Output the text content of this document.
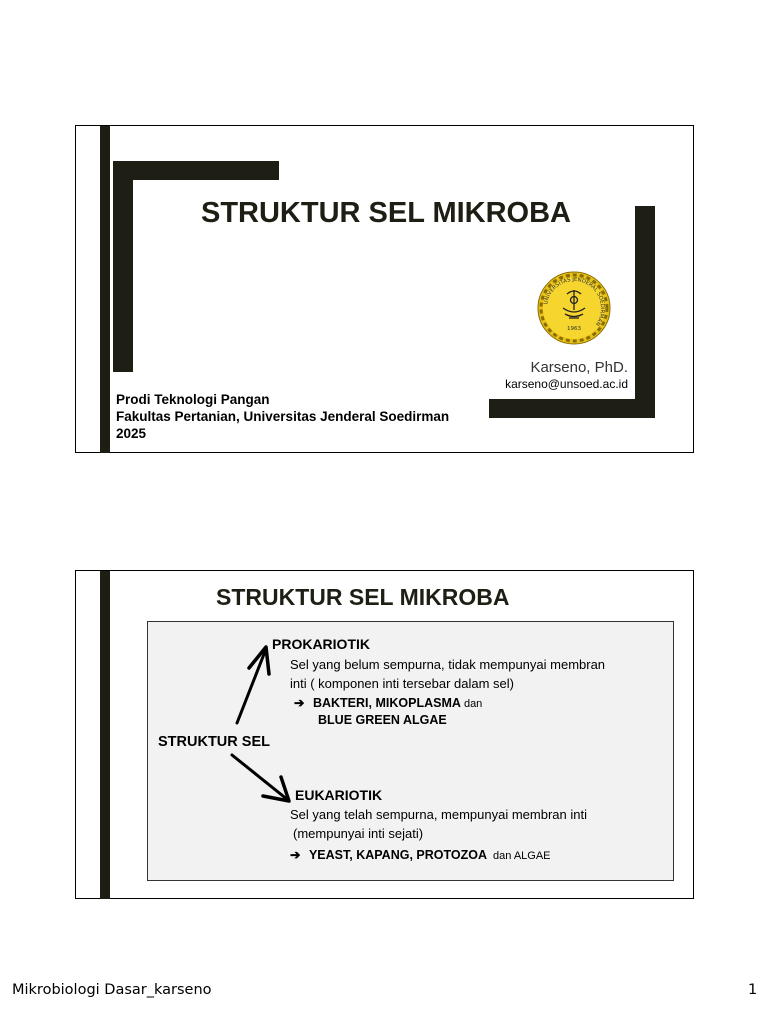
STRUKTUR SEL MIKROBA
UNIVERSITAS JENDERAL SOEDIRMAN
1963
Karseno, PhD.
karseno@unsoed.ac.id
Prodi Teknologi Pangan
Fakultas Pertanian, Universitas Jenderal Soedirman
2025
STRUKTUR SEL MIKROBA
PROKARIOTIK
Sel yang belum sempurna, tidak mempunyai membran
inti ( komponen inti tersebar dalam sel)
➔ BAKTERI, MIKOPLASMA dan
BLUE GREEN ALGAE
STRUKTUR SEL
EUKARIOTIK
Sel yang telah sempurna, mempunyai membran inti
(mempunyai inti sejati)
➔ YEAST, KAPANG, PROTOZOA dan ALGAE
Mikrobiologi Dasar_karseno	1
